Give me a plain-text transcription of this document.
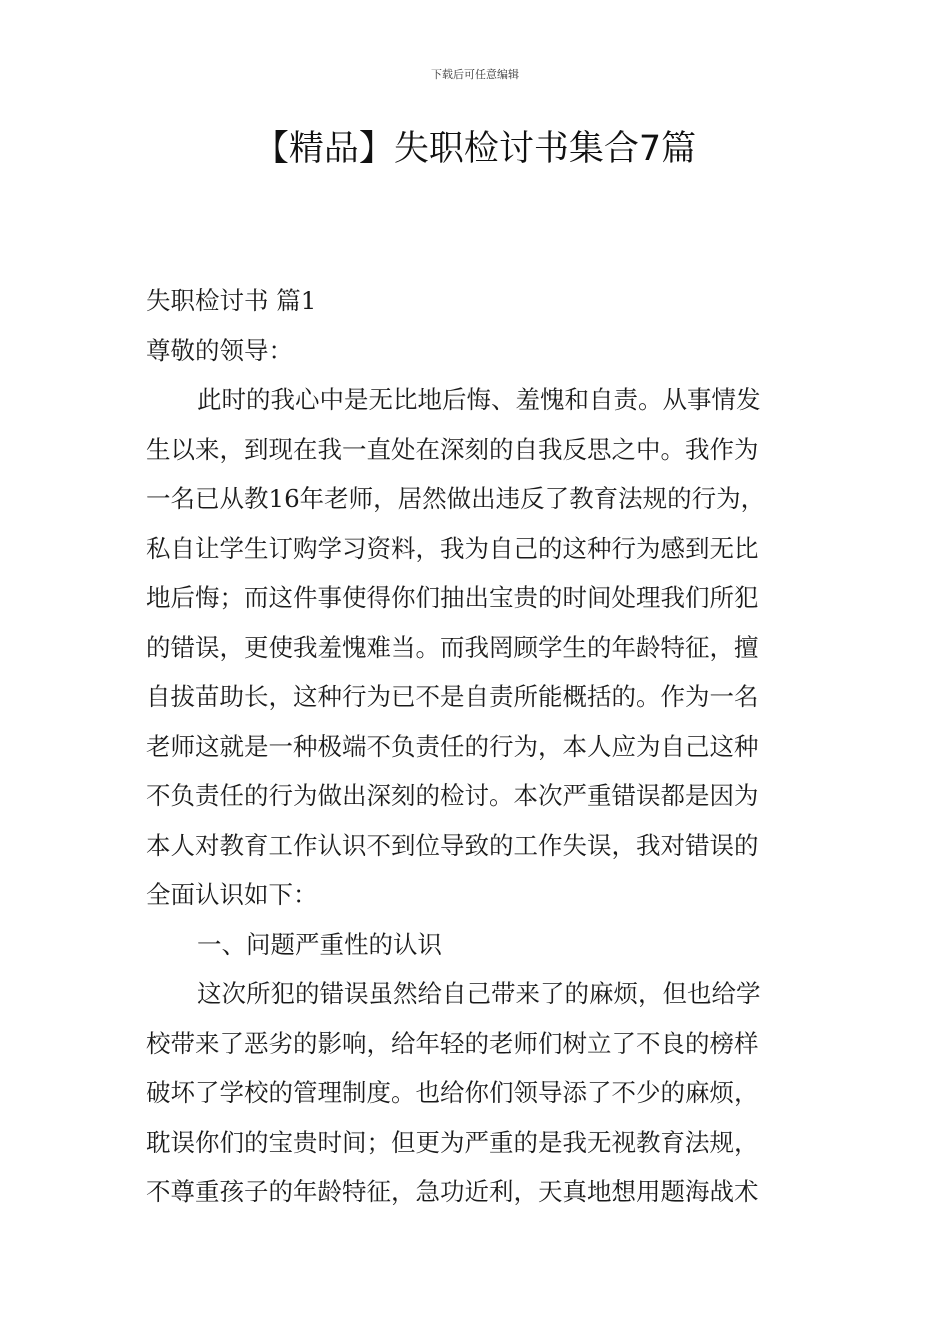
下载后可任意编辑
【精品】失职检讨书集合7篇
失职检讨书 篇1
尊敬的领导：
此时的我心中是无比地后悔、羞愧和自责。从事情发
生以来，到现在我一直处在深刻的自我反思之中。我作为
一名已从教16年老师，居然做出违反了教育法规的行为，
私自让学生订购学习资料，我为自己的这种行为感到无比
地后悔；而这件事使得你们抽出宝贵的时间处理我们所犯
的错误，更使我羞愧难当。而我罔顾学生的年龄特征，擅
自拔苗助长，这种行为已不是自责所能概括的。作为一名
老师这就是一种极端不负责任的行为，本人应为自己这种
不负责任的行为做出深刻的检讨。本次严重错误都是因为
本人对教育工作认识不到位导致的工作失误，我对错误的
全面认识如下：
一、问题严重性的认识
这次所犯的错误虽然给自己带来了的麻烦，但也给学
校带来了恶劣的影响，给年轻的老师们树立了不良的榜样
破坏了学校的管理制度。也给你们领导添了不少的麻烦，
耽误你们的宝贵时间；但更为严重的是我无视教育法规，
不尊重孩子的年龄特征，急功近利，天真地想用题海战术
